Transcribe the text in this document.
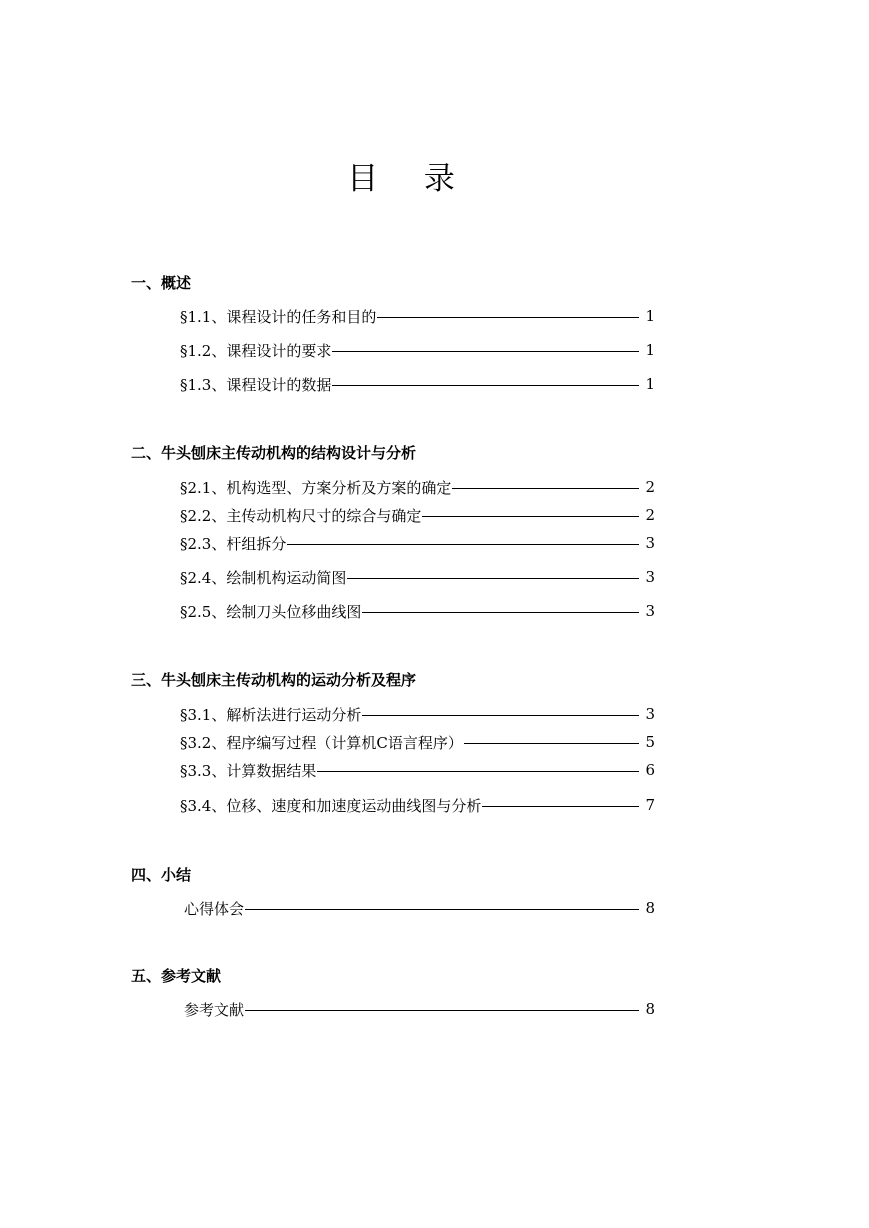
目 录
一、概述
§1.1、课程设计的任务和目的	1
§1.2、课程设计的要求	1
§1.3、课程设计的数据	1
二、牛头刨床主传动机构的结构设计与分析
§2.1、机构选型、方案分析及方案的确定	2
§2.2、主传动机构尺寸的综合与确定	2
§2.3、杆组拆分	3
§2.4、绘制机构运动简图	3
§2.5、绘制刀头位移曲线图	3
三、牛头刨床主传动机构的运动分析及程序
§3.1、解析法进行运动分析	3
§3.2、程序编写过程（计算机C语言程序）	5
§3.3、计算数据结果	6
§3.4、位移、速度和加速度运动曲线图与分析	7
四、小结
心得体会	8
五、参考文献
参考文献	8
